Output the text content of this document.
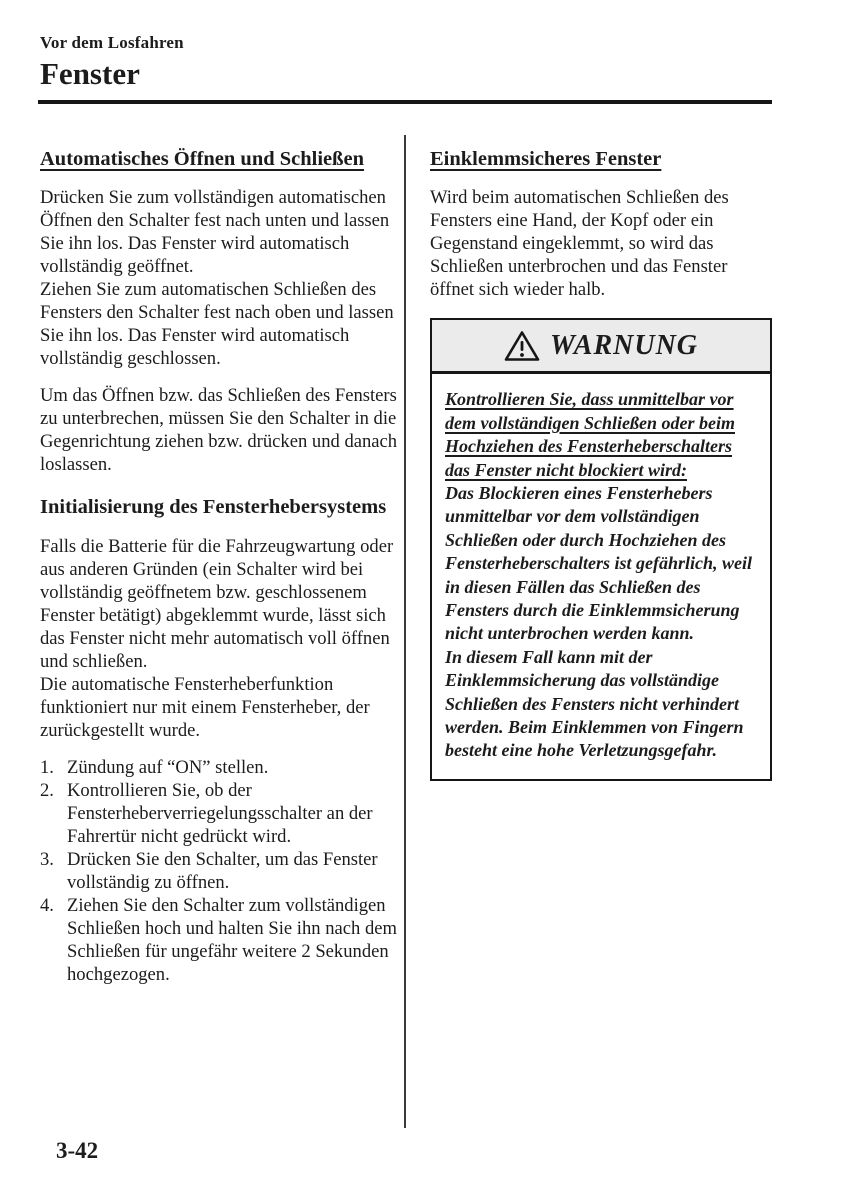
Vor dem Losfahren
Fenster
Automatisches Öffnen und Schließen

Drücken Sie zum vollständigen automatischen Öffnen den Schalter fest nach unten und lassen Sie ihn los. Das Fenster wird automatisch vollständig geöffnet.

Ziehen Sie zum automatischen Schließen des Fensters den Schalter fest nach oben und lassen Sie ihn los. Das Fenster wird automatisch vollständig geschlossen.

Um das Öffnen bzw. das Schließen des Fensters zu unterbrechen, müssen Sie den Schalter in die Gegenrichtung ziehen bzw. drücken und danach loslassen.

Initialisierung des Fensterhebersystems

Falls die Batterie für die Fahrzeugwartung oder aus anderen Gründen (ein Schalter wird bei vollständig geöffnetem bzw. geschlossenem Fenster betätigt) abgeklemmt wurde, lässt sich das Fenster nicht mehr automatisch voll öffnen und schließen.

Die automatische Fensterheberfunktion funktioniert nur mit einem Fensterheber, der zurückgestellt wurde.

1. Zündung auf “ON” stellen.
2. Kontrollieren Sie, ob der Fensterheberverriegelungsschalter an der Fahrertür nicht gedrückt wird.
3. Drücken Sie den Schalter, um das Fenster vollständig zu öffnen.
4. Ziehen Sie den Schalter zum vollständigen Schließen hoch und halten Sie ihn nach dem Schließen für ungefähr weitere 2 Sekunden hochgezogen.
Einklemmsicheres Fenster

Wird beim automatischen Schließen des Fensters eine Hand, der Kopf oder ein Gegenstand eingeklemmt, so wird das Schließen unterbrochen und das Fenster öffnet sich wieder halb.

WARNUNG

Kontrollieren Sie, dass unmittelbar vor dem vollständigen Schließen oder beim Hochziehen des Fensterheberschalters das Fenster nicht blockiert wird:

Das Blockieren eines Fensterhebers unmittelbar vor dem vollständigen Schließen oder durch Hochziehen des Fensterheberschalters ist gefährlich, weil in diesen Fällen das Schließen des Fensters durch die Einklemmsicherung nicht unterbrochen werden kann.

In diesem Fall kann mit der Einklemmsicherung das vollständige Schließen des Fensters nicht verhindert werden. Beim Einklemmen von Fingern besteht eine hohe Verletzungsgefahr.

3-42
